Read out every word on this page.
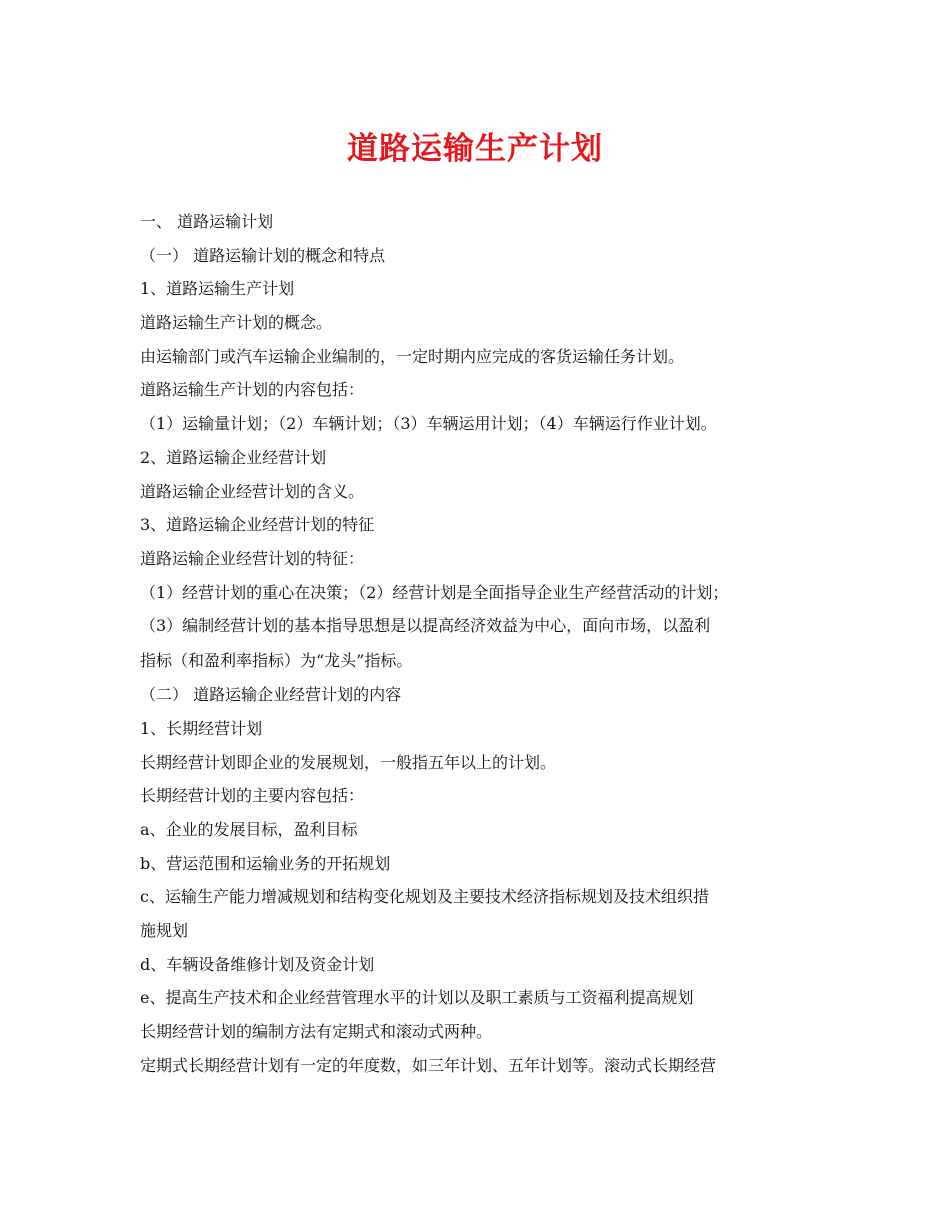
道路运输生产计划
一、 道路运输计划
（一） 道路运输计划的概念和特点
1、道路运输生产计划
道路运输生产计划的概念。
由运输部门或汽车运输企业编制的，一定时期内应完成的客货运输任务计划。
道路运输生产计划的内容包括：
（1）运输量计划；（2）车辆计划；（3）车辆运用计划；（4）车辆运行作业计划。
2、道路运输企业经营计划
道路运输企业经营计划的含义。
3、道路运输企业经营计划的特征
道路运输企业经营计划的特征：
（1）经营计划的重心在决策；（2）经营计划是全面指导企业生产经营活动的计划；
（3）编制经营计划的基本指导思想是以提高经济效益为中心，面向市场，以盈利
指标（和盈利率指标）为“龙头”指标。
（二） 道路运输企业经营计划的内容
1、长期经营计划
长期经营计划即企业的发展规划，一般指五年以上的计划。
长期经营计划的主要内容包括：
a、企业的发展目标，盈利目标
b、营运范围和运输业务的开拓规划
c、运输生产能力增减规划和结构变化规划及主要技术经济指标规划及技术组织措
施规划
d、车辆设备维修计划及资金计划
e、提高生产技术和企业经营管理水平的计划以及职工素质与工资福利提高规划
长期经营计划的编制方法有定期式和滚动式两种。
定期式长期经营计划有一定的年度数，如三年计划、五年计划等。滚动式长期经营
